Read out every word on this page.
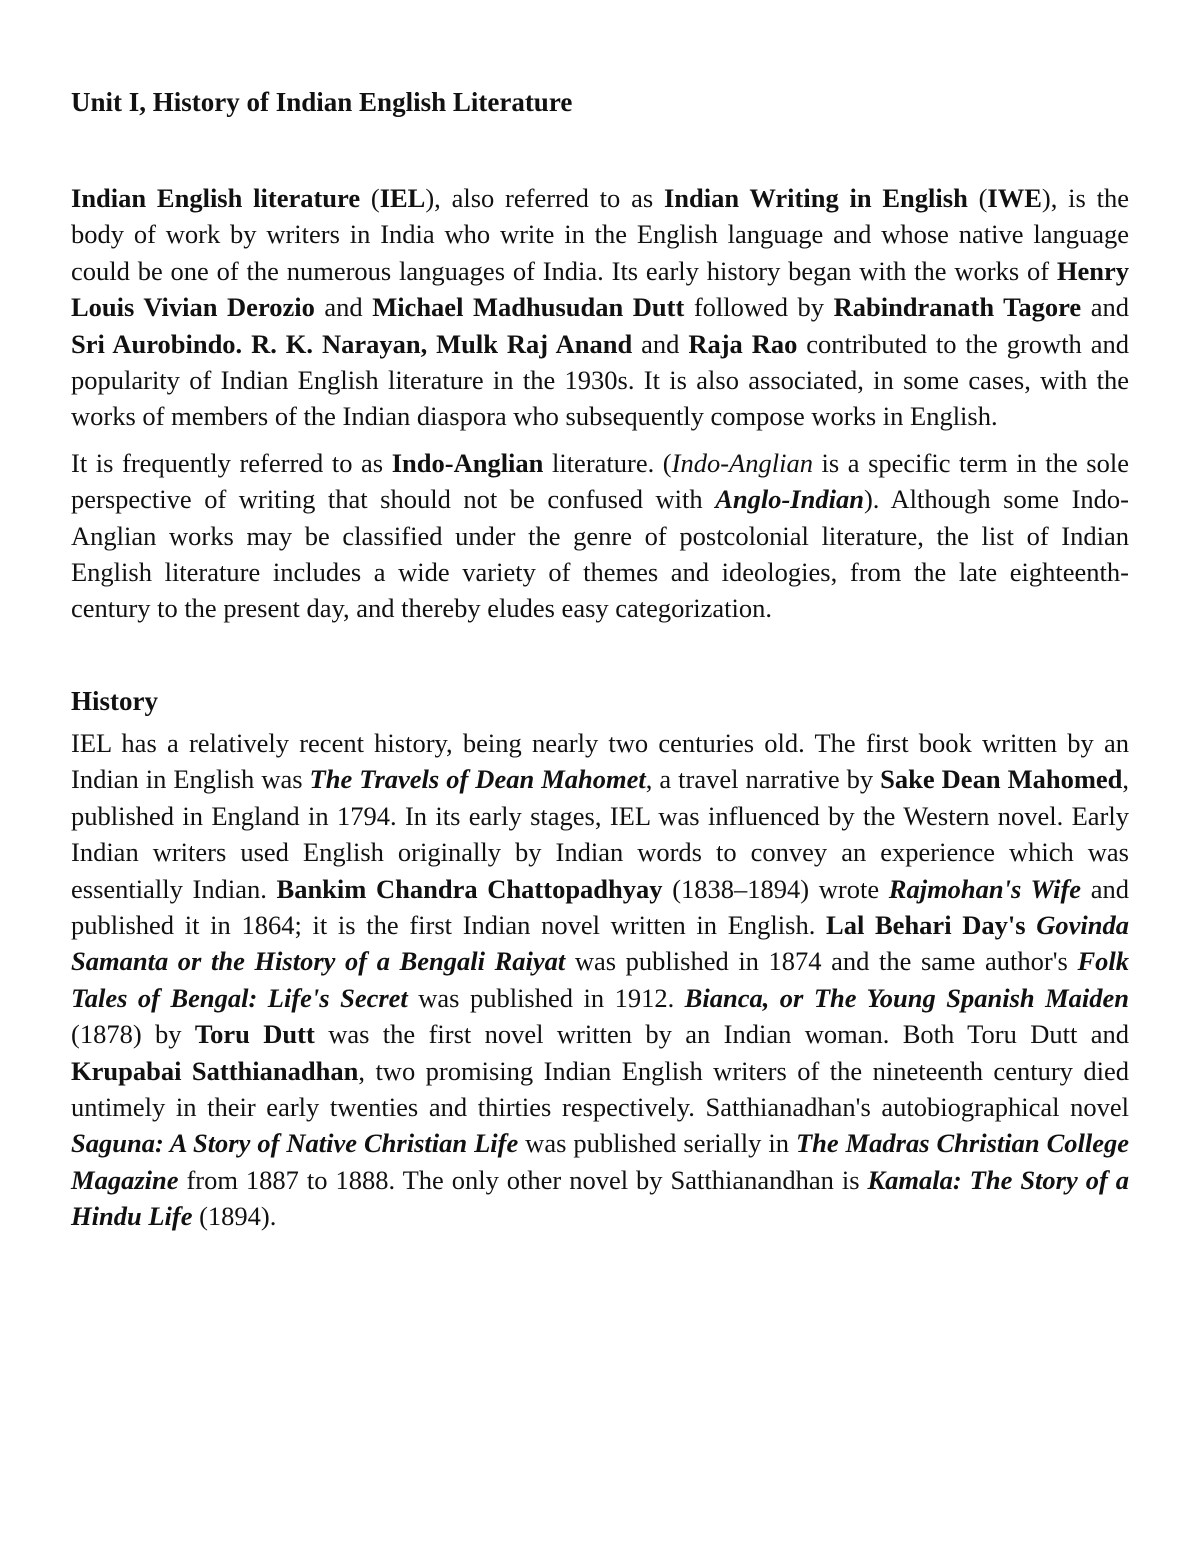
Unit I, History of Indian English Literature

Indian English literature (IEL), also referred to as Indian Writing in English (IWE), is the body of work by writers in India who write in the English language and whose native language could be one of the numerous languages of India. Its early history began with the works of Henry Louis Vivian Derozio and Michael Madhusudan Dutt followed by Rabindranath Tagore and Sri Aurobindo. R. K. Narayan, Mulk Raj Anand and Raja Rao contributed to the growth and popularity of Indian English literature in the 1930s. It is also associated, in some cases, with the works of members of the Indian diaspora who subsequently compose works in English.

It is frequently referred to as Indo-Anglian literature. (Indo-Anglian is a specific term in the sole perspective of writing that should not be confused with Anglo-Indian). Although some Indo-Anglian works may be classified under the genre of postcolonial literature, the list of Indian English literature includes a wide variety of themes and ideologies, from the late eighteenth-century to the present day, and thereby eludes easy categorization.

History

IEL has a relatively recent history, being nearly two centuries old. The first book written by an Indian in English was The Travels of Dean Mahomet, a travel narrative by Sake Dean Mahomed, published in England in 1794. In its early stages, IEL was influenced by the Western novel. Early Indian writers used English originally by Indian words to convey an experience which was essentially Indian. Bankim Chandra Chattopadhyay (1838–1894) wrote Rajmohan's Wife and published it in 1864; it is the first Indian novel written in English. Lal Behari Day's Govinda Samanta or the History of a Bengali Raiyat was published in 1874 and the same author's Folk Tales of Bengal: Life's Secret was published in 1912. Bianca, or The Young Spanish Maiden (1878) by Toru Dutt was the first novel written by an Indian woman. Both Toru Dutt and Krupabai Satthianadhan, two promising Indian English writers of the nineteenth century died untimely in their early twenties and thirties respectively. Satthianadhan's autobiographical novel Saguna: A Story of Native Christian Life was published serially in The Madras Christian College Magazine from 1887 to 1888. The only other novel by Satthianandhan is Kamala: The Story of a Hindu Life (1894).
